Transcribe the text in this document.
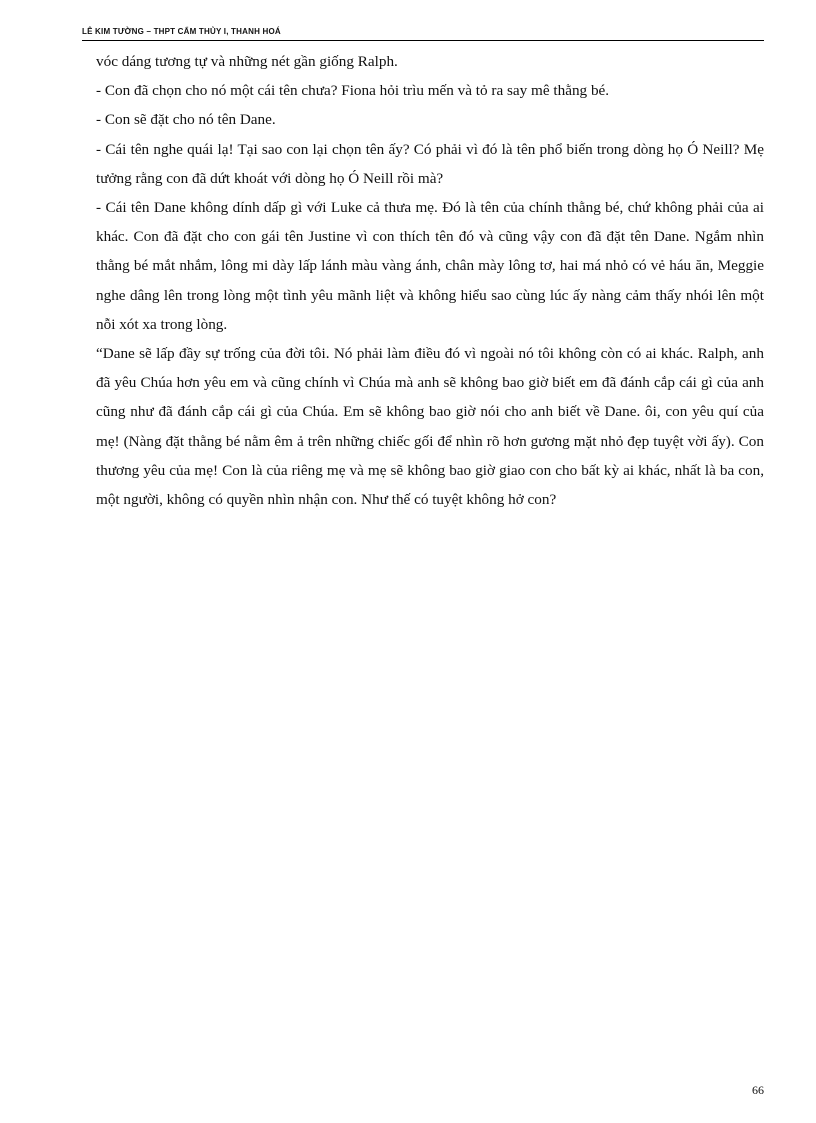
LÊ KIM TƯỜNG – THPT CẨM THỦY I, THANH HOÁ

vóc dáng tương tự và những nét gần giống Ralph.

- Con đã chọn cho nó một cái tên chưa? Fiona hỏi trìu mến và tỏ ra say mê thằng bé.

- Con sẽ đặt cho nó tên Dane.

- Cái tên nghe quái lạ! Tại sao con lại chọn tên ấy? Có phải vì đó là tên phổ biến trong dòng họ Ó Neill? Mẹ tưởng rằng con đã dứt khoát với dòng họ Ó Neill rồi mà?

- Cái tên Dane không dính dấp gì với Luke cả thưa mẹ. Đó là tên của chính thằng bé, chứ không phải của ai khác. Con đã đặt cho con gái tên Justine vì con thích tên đó và cũng vậy con đã đặt tên Dane. Ngắm nhìn thằng bé mắt nhắm, lông mi dày lấp lánh màu vàng ánh, chân mày lông tơ, hai má nhỏ có vẻ háu ăn, Meggie nghe dâng lên trong lòng một tình yêu mãnh liệt và không hiểu sao cùng lúc ấy nàng cảm thấy nhói lên một nỗi xót xa trong lòng.

“Dane sẽ lấp đầy sự trống của đời tôi. Nó phải làm điều đó vì ngoài nó tôi không còn có ai khác. Ralph, anh đã yêu Chúa hơn yêu em và cũng chính vì Chúa mà anh sẽ không bao giờ biết em đã đánh cắp cái gì của anh cũng như đã đánh cắp cái gì của Chúa. Em sẽ không bao giờ nói cho anh biết về Dane. ôi, con yêu quí của mẹ! (Nàng đặt thằng bé nằm êm ả trên những chiếc gối để nhìn rõ hơn gương mặt nhỏ đẹp tuyệt vời ấy). Con thương yêu của mẹ! Con là của riêng mẹ và mẹ sẽ không bao giờ giao con cho bất kỳ ai khác, nhất là ba con, một người, không có quyền nhìn nhận con. Như thế có tuyệt không hở con?

66
